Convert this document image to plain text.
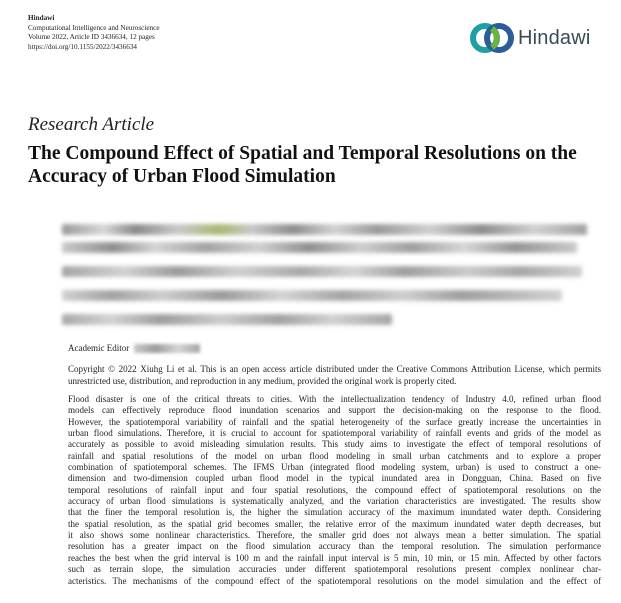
Hindawi
Computational Intelligence and Neuroscience
Volume 2022, Article ID 3436634, 12 pages
https://doi.org/10.1155/2022/3436634	Hindawi
Research Article
The Compound Effect of Spatial and Temporal Resolutions on the
Accuracy of Urban Flood Simulation
Academic Editor
Copyright © 2022 Xiuhg Li et al. This is an open access article distributed under the Creative Commons Attribution License, which permits unrestricted use, distribution, and reproduction in any medium, provided the original work is properly cited.
Flood disaster is one of the critical threats to cities. With the intellectualization tendency of Industry 4.0, refined urban flood
models can effectively reproduce flood inundation scenarios and support the decision-making on the response to the flood.
However, the spatiotemporal variability of rainfall and the spatial heterogeneity of the surface greatly increase the uncertainties in
urban flood simulations. Therefore, it is crucial to account for spatiotemporal variability of rainfall events and grids of the model as
accurately as possible to avoid misleading simulation results. This study aims to investigate the effect of temporal resolutions of
rainfall and spatial resolutions of the model on urban flood modeling in small urban catchments and to explore a proper
combination of spatiotemporal schemes. The IFMS Urban (integrated flood modeling system, urban) is used to construct a one-
dimension and two-dimension coupled urban flood model in the typical inundated area in Dongguan, China. Based on five
temporal resolutions of rainfall input and four spatial resolutions, the compound effect of spatiotemporal resolutions on the
accuracy of urban flood simulations is systematically analyzed, and the variation characteristics are investigated. The results show
that the finer the temporal resolution is, the higher the simulation accuracy of the maximum inundated water depth. Considering
the spatial resolution, as the spatial grid becomes smaller, the relative error of the maximum inundated water depth decreases, but
it also shows some nonlinear characteristics. Therefore, the smaller grid does not always mean a better simulation. The spatial
resolution has a greater impact on the flood simulation accuracy than the temporal resolution. The simulation performance
reaches the best when the grid interval is 100 m and the rainfall input interval is 5 min, 10 min, or 15 min. Affected by other factors
such as terrain slope, the simulation accuracies under different spatiotemporal resolutions present complex nonlinear char-
acteristics. The mechanisms of the compound effect of the spatiotemporal resolutions on the model simulation and the effect of
